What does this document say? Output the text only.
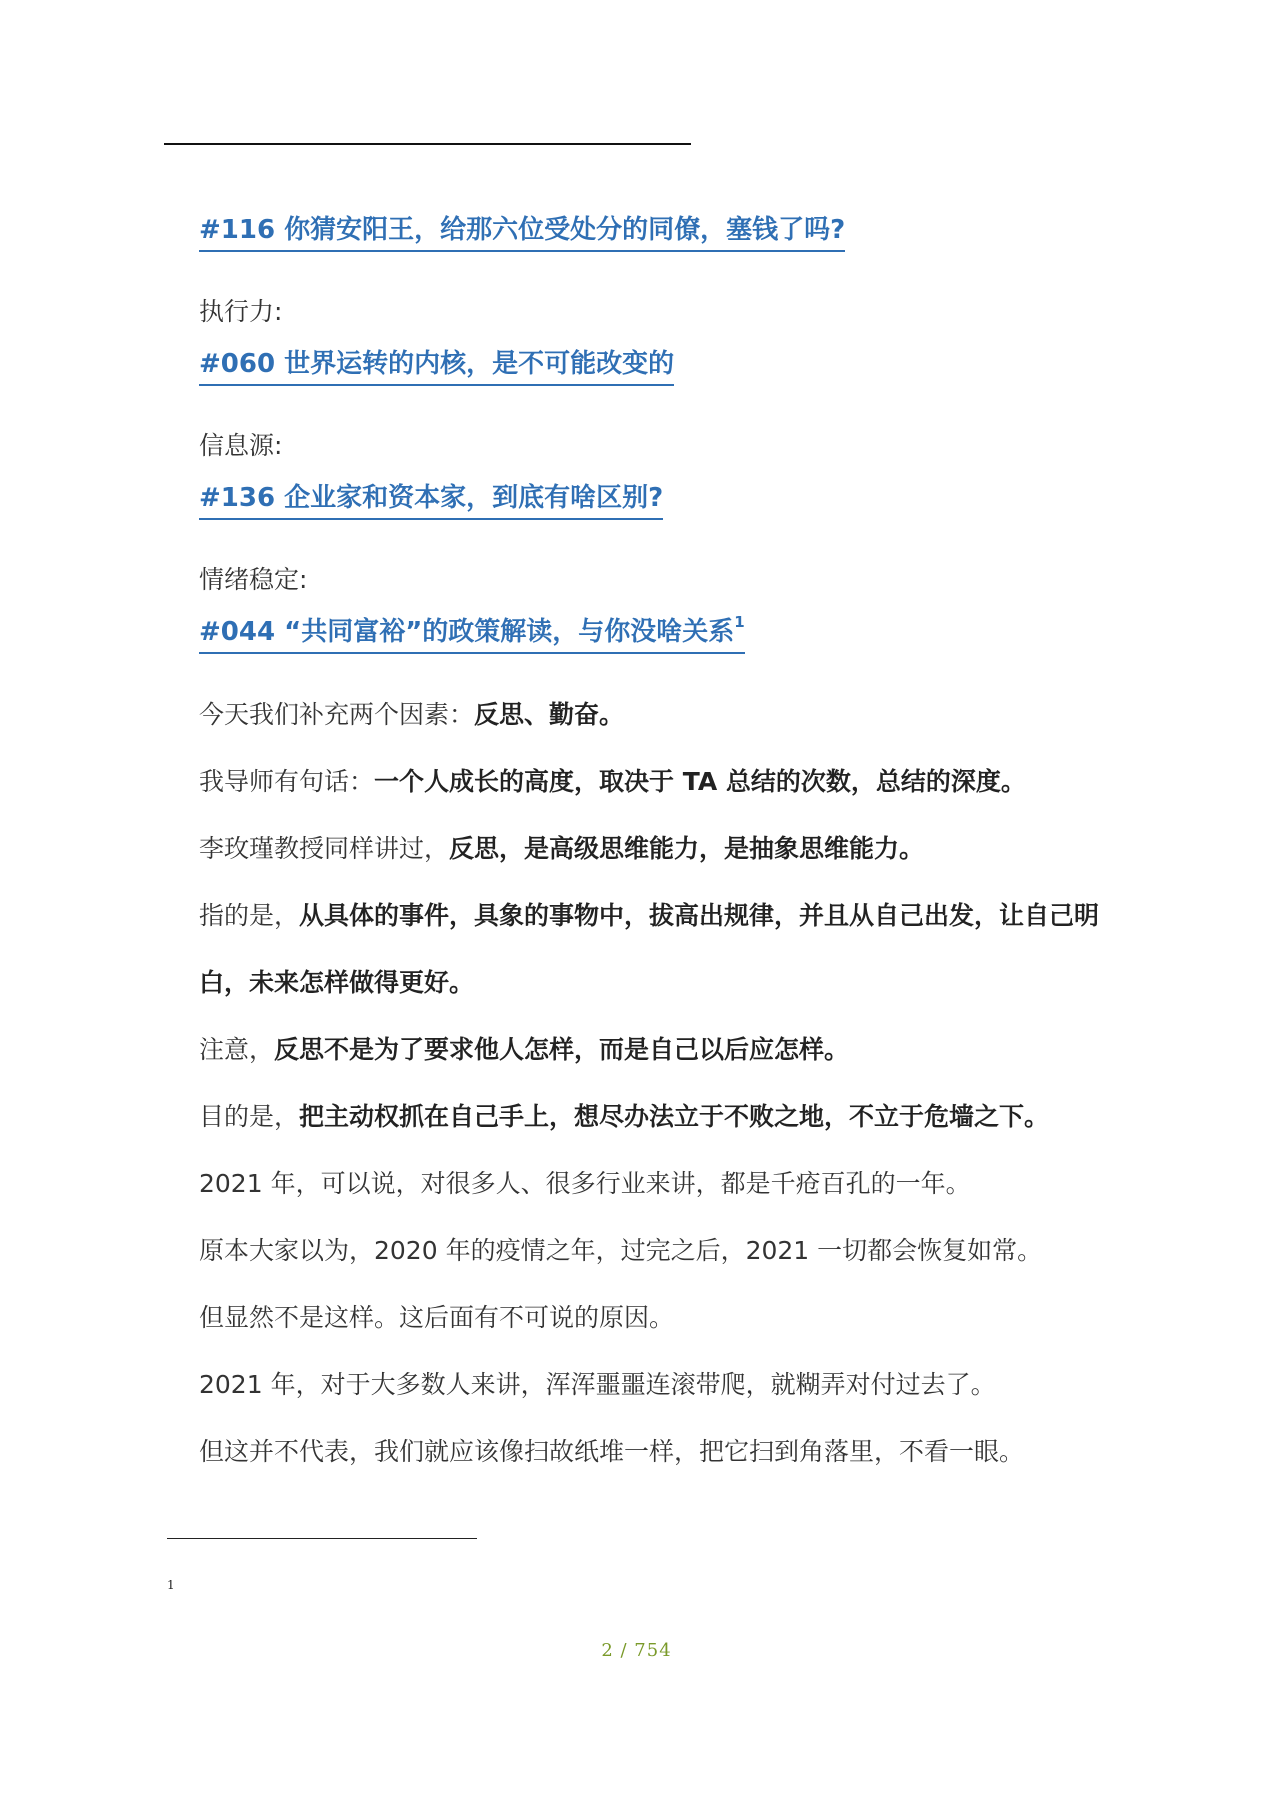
#116 你猜安阳王，给那六位受处分的同僚，塞钱了吗?
执行力:
#060 世界运转的内核，是不可能改变的
信息源:
#136 企业家和资本家，到底有啥区别?
情绪稳定:
#044 “共同富裕”的政策解读，与你没啥关系$^1$
今天我们补充两个因素：反思、勤奋。
我导师有句话：一个人成长的高度，取决于 TA 总结的次数，总结的深度。
李玫瑾教授同样讲过，反思，是高级思维能力，是抽象思维能力。
指的是，从具体的事件，具象的事物中，拔高出规律，并且从自己出发，让自己明
白，未来怎样做得更好。
注意，反思不是为了要求他人怎样，而是自己以后应怎样。
目的是，把主动权抓在自己手上，想尽办法立于不败之地，不立于危墙之下。
2021 年，可以说，对很多人、很多行业来讲，都是千疮百孔的一年。
原本大家以为，2020 年的疫情之年，过完之后，2021 一切都会恢复如常。
但显然不是这样。这后面有不可说的原因。
2021 年，对于大多数人来讲，浑浑噩噩连滚带爬，就糊弄对付过去了。
但这并不代表，我们就应该像扫故纸堆一样，把它扫到角落里，不看一眼。
1
2 / 754
